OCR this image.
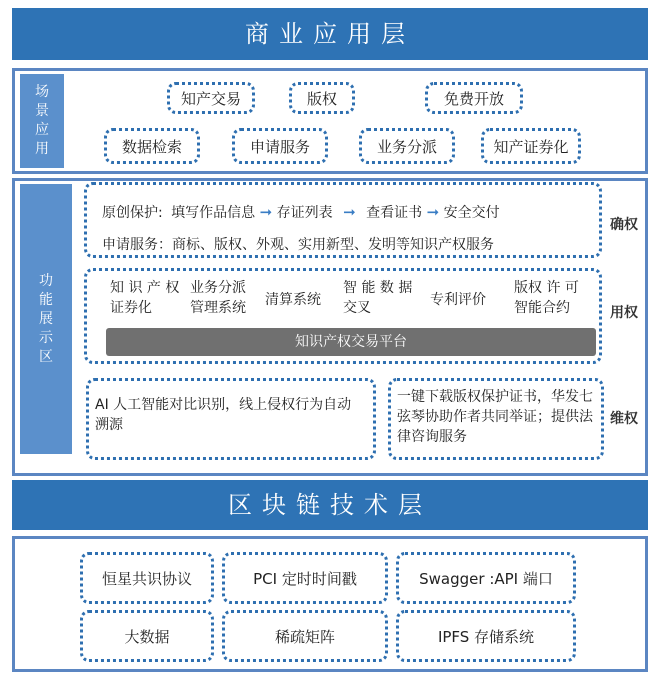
商业应用层
场景应用
知产交易	版权	免费开放
数据检索	申请服务	业务分派	知产证券化
功能展示区
原创保护: 填写作品信息 ➞ 存证列表 ➞ 查看证书 ➞ 安全交付
申请服务：商标、版权、外观、实用新型、发明等知识产权服务
确权
知 识 产 权
证券化
业务分派
管理系统 清算系统
智 能 数 据
交叉	专利评价
版权 许 可
智能合约
知识产权交易平台
用权
AI 人工智能对比识别，线上侵权行为自动溯源
一键下载版权保护证书，华发七弦琴协助作者共同举证；提供法律咨询服务
维权
区块链技术层
恒星共识协议	PCI 定时时间戳	Swagger :API 端口
大数据	稀疏矩阵	IPFS 存储系统
